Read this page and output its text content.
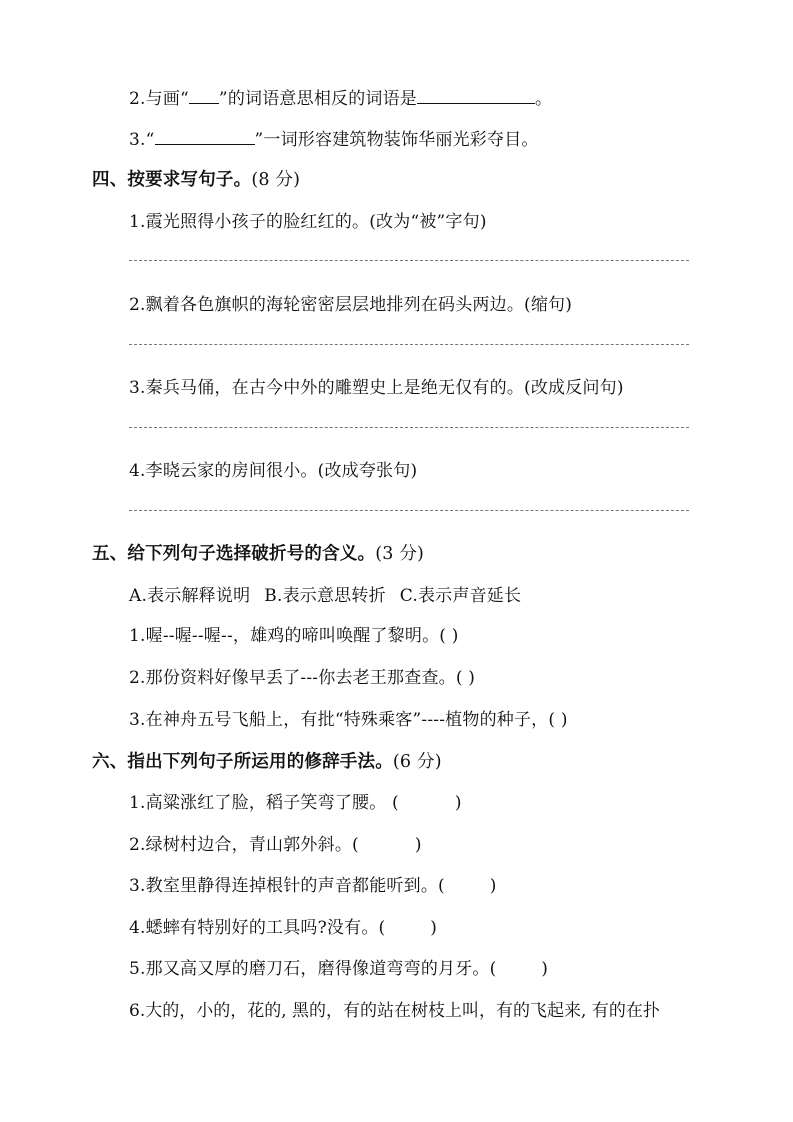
2.与画“ ”的词语意思相反的词语是	。
3.“	”一词形容建筑物装饰华丽光彩夺目。
四、按要求写句子。(8 分)
1.霞光照得小孩子的脸红红的。(改为“被”字句)
2.飘着各色旗帜的海轮密密层层地排列在码头两边。(缩句)
3.秦兵马俑，在古今中外的雕塑史上是绝无仅有的。(改成反问句)
4.李晓云家的房间很小。(改成夸张句)
五、给下列句子选择破折号的含义。(3 分)
A.表示解释说明 B.表示意思转折 C.表示声音延长
1.喔--喔--喔--，雄鸡的啼叫唤醒了黎明。( )
2.那份资料好像早丢了---你去老王那查查。( )
3.在神舟五号飞船上，有批“特殊乘客”----植物的种子，( )
六、指出下列句子所运用的修辞手法。(6 分)
1.高粱涨红了脸，稻子笑弯了腰。 (          )
2.绿树村边合，青山郭外斜。(          )
3.教室里静得连掉根针的声音都能听到。(        )
4.蟋蟀有特别好的工具吗?没有。(        )
5.那又高又厚的磨刀石，磨得像道弯弯的月牙。(        )
6.大的，小的，花的, 黑的，有的站在树枝上叫，有的飞起来, 有的在扑
